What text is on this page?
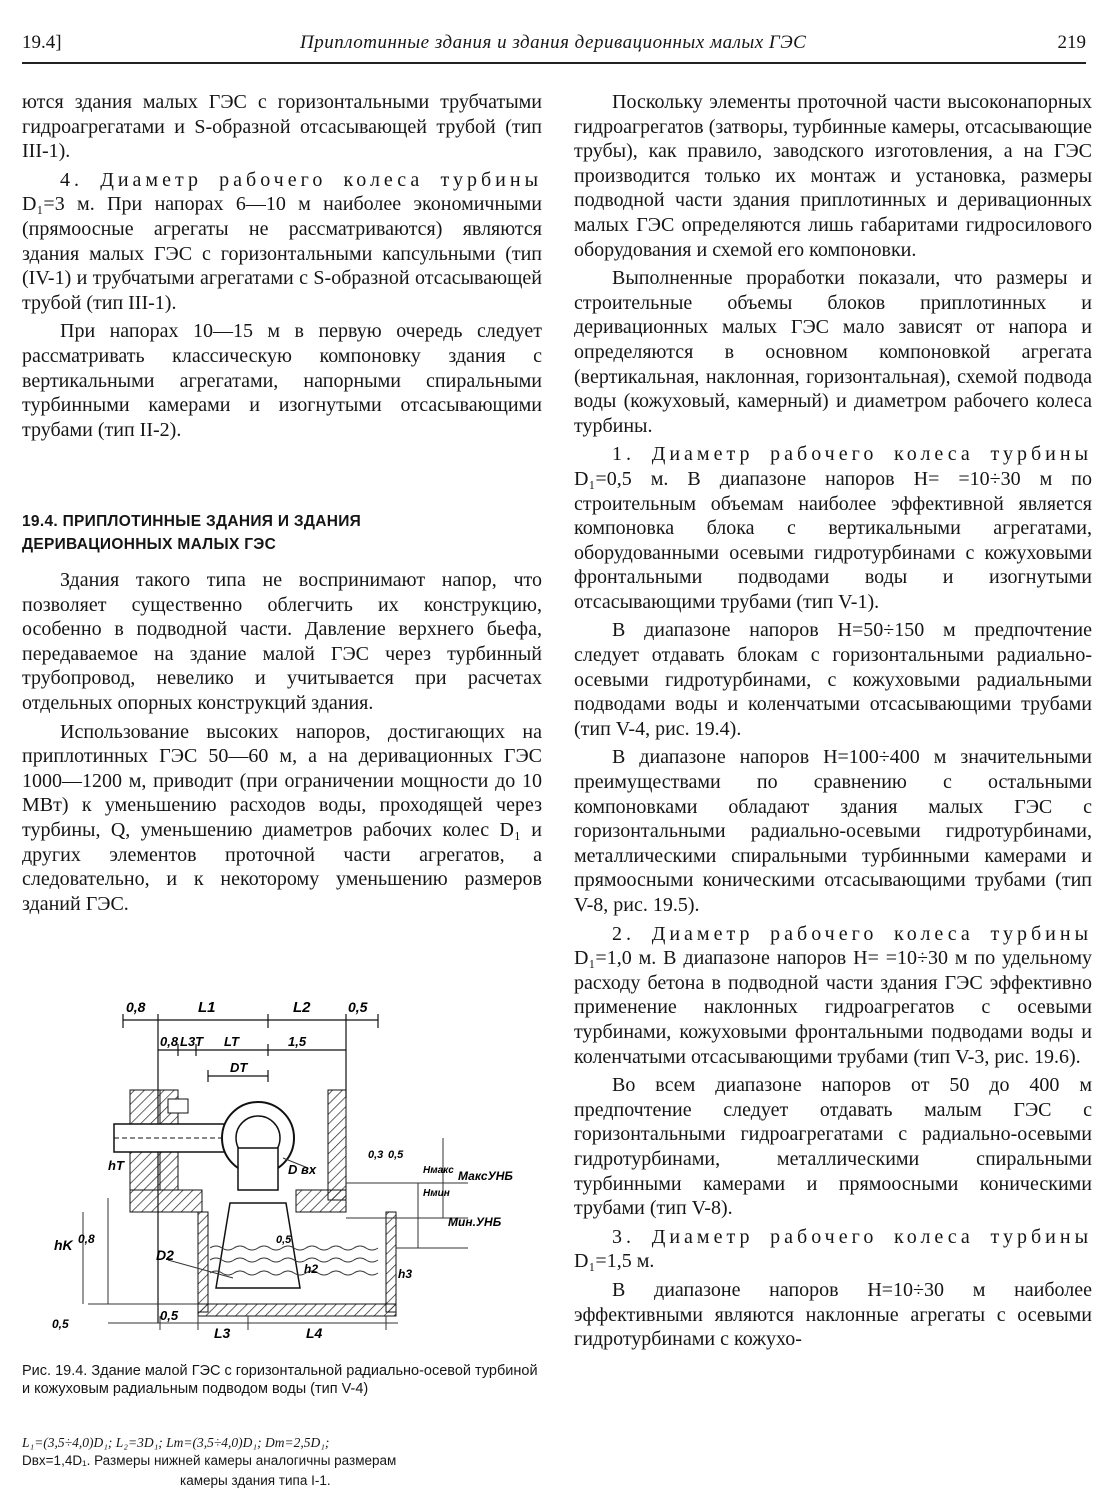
19.4]	Приплотинные здания и здания деривационных малых ГЭС	219

ются здания малых ГЭС с горизонтальными трубчатыми гидроагрегатами и S-образной отсасывающей трубой (тип III-1).

4. Диаметр рабочего колеса турбины D₁=3 м. При напорах 6—10 м наиболее экономичными (прямоосные агрегаты не рассматриваются) являются здания малых ГЭС с горизонтальными капсульными (тип (IV-1) и трубчатыми агрегатами с S-образной отсасывающей трубой (тип III-1).

При напорах 10—15 м в первую очередь следует рассматривать классическую компоновку здания с вертикальными агрегатами, напорными спиральными турбинными камерами и изогнутыми отсасывающими трубами (тип II-2).

19.4. ПРИПЛОТИННЫЕ ЗДАНИЯ И ЗДАНИЯ
ДЕРИВАЦИОННЫХ МАЛЫХ ГЭС

Здания такого типа не воспринимают напор, что позволяет существенно облегчить их конструкцию, особенно в подводной части. Давление верхнего бьефа, передаваемое на здание малой ГЭС через турбинный трубопровод, невелико и учитывается при расчетах отдельных опорных конструкций здания.

Использование высоких напоров, достигающих на приплотинных ГЭС 50—60 м, а на деривационных ГЭС 1000—1200 м, приводит (при ограничении мощности до 10 МВт) к уменьшению расходов воды, проходящей через турбины, Q, уменьшению диаметров рабочих колес D₁ и других элементов проточной части агрегатов, а следовательно, и к некоторому уменьшению размеров зданий ГЭС.

0,8	L1	L2	0,5
0,8 L3T LT	1,5
DT
hT	D вх
0,3 0,5
Hмакс
Hмин
МаксУНБ
Мин.УНБ
hK 0,8
D2
0,5
h2	h3
0,5
0,5
L3	L4
Рис. 19.4. Здание малой ГЭС с горизонтальной радиально-осевой турбиной и кожуховым радиальным подводом воды (тип V-4)
L₁=(3,5÷4,0)D₁; L₂=3D₁; Lт=(3,5÷4,0)D₁; Dт=2,5D₁;
Dвх=1,4D₁. Размеры нижней камеры аналогичны размерам
камеры здания типа I-1.

Поскольку элементы проточной части высоконапорных гидроагрегатов (затворы, турбинные камеры, отсасывающие трубы), как правило, заводского изготовления, а на ГЭС производится только их монтаж и установка, размеры подводной части здания приплотинных и деривационных малых ГЭС определяются лишь габаритами гидросилового оборудования и схемой его компоновки.

Выполненные проработки показали, что размеры и строительные объемы блоков приплотинных и деривационных малых ГЭС мало зависят от напора и определяются в основном компоновкой агрегата (вертикальная, наклонная, горизонтальная), схемой подвода воды (кожуховый, камерный) и диаметром рабочего колеса турбины.

1. Диаметр рабочего колеса турбины D₁=0,5 м. В диапазоне напоров H= =10÷30 м по строительным объемам наиболее эффективной является компоновка блока с вертикальными агрегатами, оборудованными осевыми гидротурбинами с кожуховыми фронтальными подводами воды и изогнутыми отсасывающими трубами (тип V-1).

В диапазоне напоров H=50÷150 м предпочтение следует отдавать блокам с горизонтальными радиально-осевыми гидротурбинами, с кожуховыми радиальными подводами воды и коленчатыми отсасывающими трубами (тип V-4, рис. 19.4).

В диапазоне напоров H=100÷400 м значительными преимуществами по сравнению с остальными компоновками обладают здания малых ГЭС с горизонтальными радиально-осевыми гидротурбинами, металлическими спиральными турбинными камерами и прямоосными коническими отсасывающими трубами (тип V-8, рис. 19.5).

2. Диаметр рабочего колеса турбины D₁=1,0 м. В диапазоне напоров H= =10÷30 м по удельному расходу бетона в подводной части здания ГЭС эффективно применение наклонных гидроагрегатов с осевыми турбинами, кожуховыми фронтальными подводами воды и коленчатыми отсасывающими трубами (тип V-3, рис. 19.6).

Во всем диапазоне напоров от 50 до 400 м предпочтение следует отдавать малым ГЭС с горизонтальными гидроагрегатами с радиально-осевыми гидротурбинами, металлическими спиральными турбинными камерами и прямоосными коническими трубами (тип V-8).

3. Диаметр рабочего колеса турбины D₁=1,5 м.

В диапазоне напоров H=10÷30 м наиболее эффективными являются наклонные агрегаты с осевыми гидротурбинами с кожухо-
